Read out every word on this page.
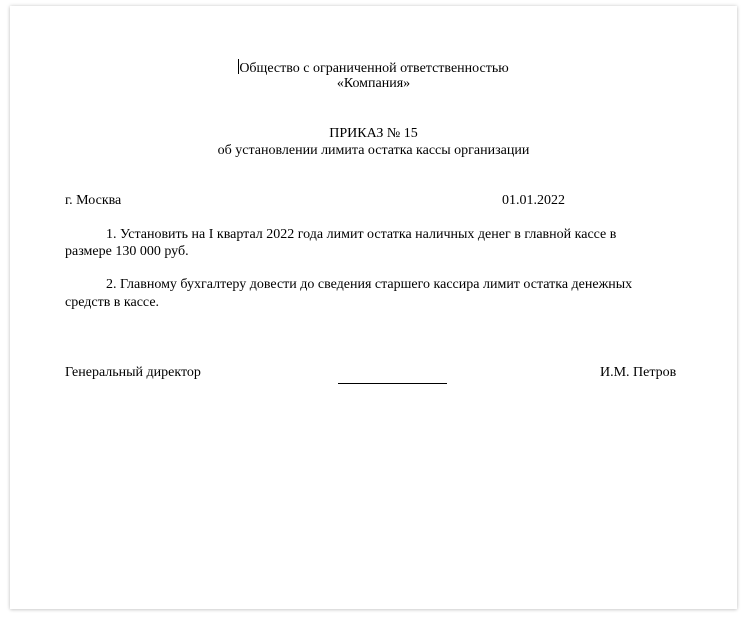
Общество с ограниченной ответственностью
«Компания»
ПРИКАЗ № 15
об установлении лимита остатка кассы организации
г. Москва	01.01.2022
1. Установить на I квартал 2022 года лимит остатка наличных денег в главной кассе в
размере 130 000 руб.
2. Главному бухгалтеру довести до сведения старшего кассира лимит остатка денежных
средств в кассе.
Генеральный директор	И.М. Петров
